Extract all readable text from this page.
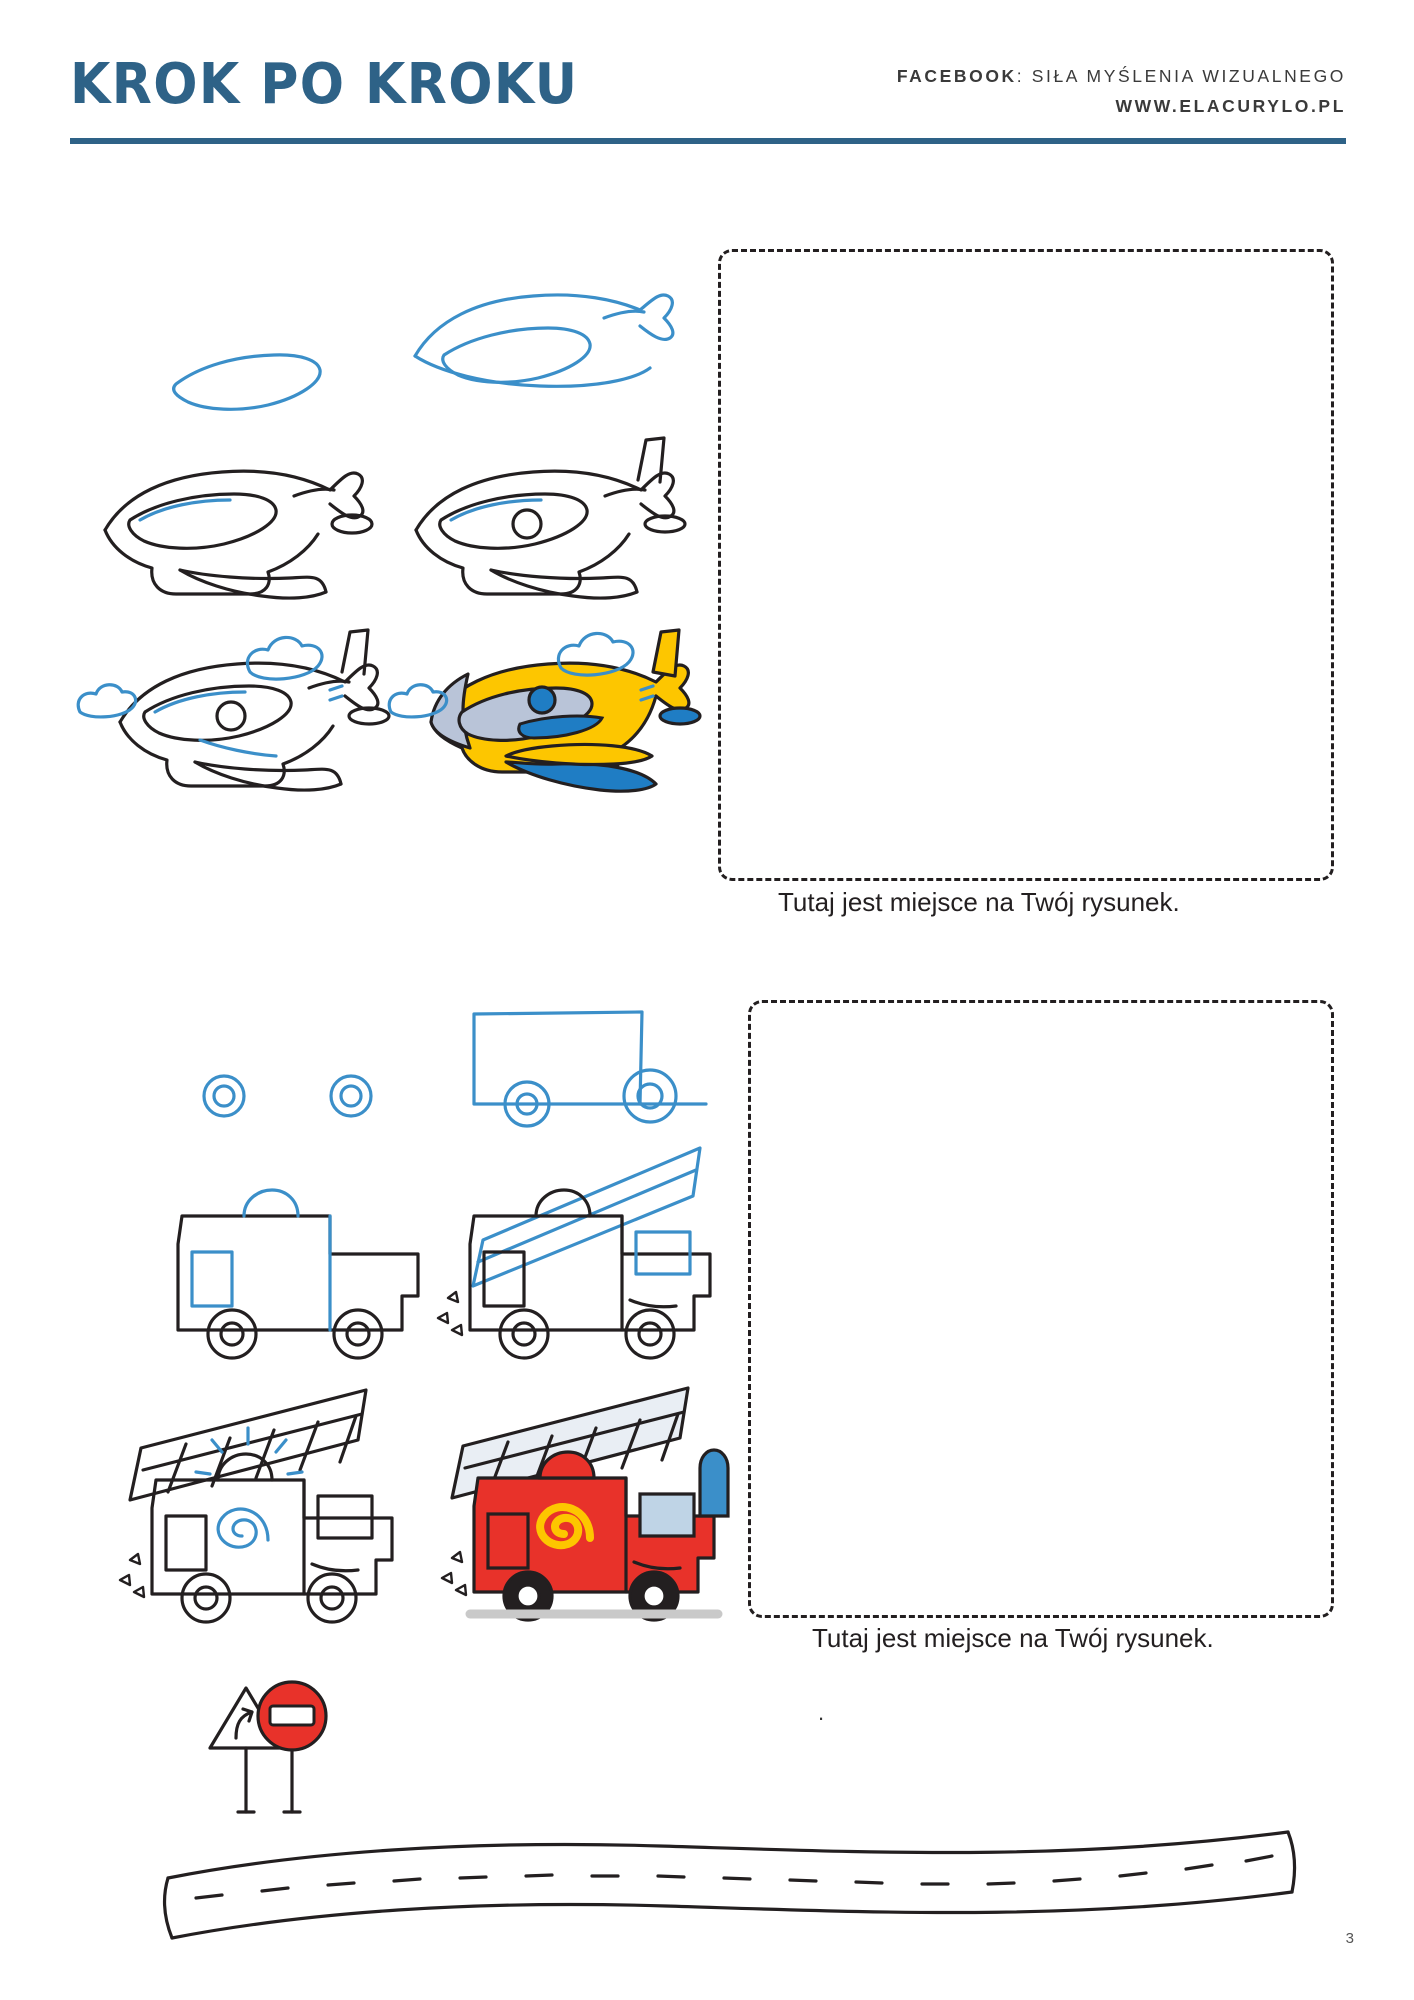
KROK PO KROKU	FACEBOOK: SIŁA MYŚLENIA WIZUALNEGO
WWW.ELACURYLO.PL
Tutaj jest miejsce na Twój rysunek.
Tutaj jest miejsce na Twój rysunek.
3
.
